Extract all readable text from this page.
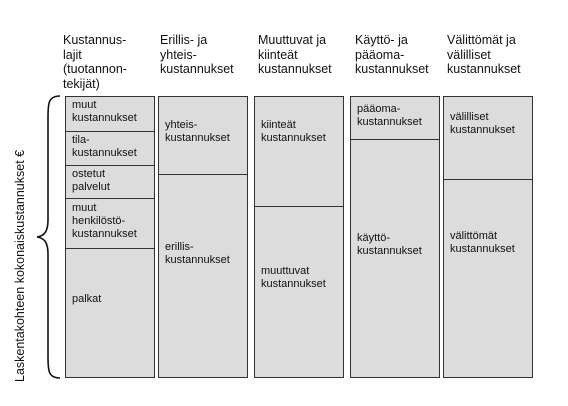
Kustannus-
lajit
(tuotannon-
tekijät)
Erillis- ja
yhteis-
kustannukset
Muuttuvat ja
kiinteät
kustannukset
Käyttö- ja
pääoma-
kustannukset
Välittömät ja
välilliset
kustannukset
Laskentakohteen kokonaiskustannukset €
muut
kustannukset
tila-
kustannukset
ostetut
palvelut
muut
henkilöstö-
kustannukset
palkat
yhteis-
kustannukset
erillis-
kustannukset
kiinteät
kustannukset
muuttuvat
kustannukset
pääoma-
kustannukset
käyttö-
kustannukset
välilliset
kustannukset
välittömät
kustannukset
